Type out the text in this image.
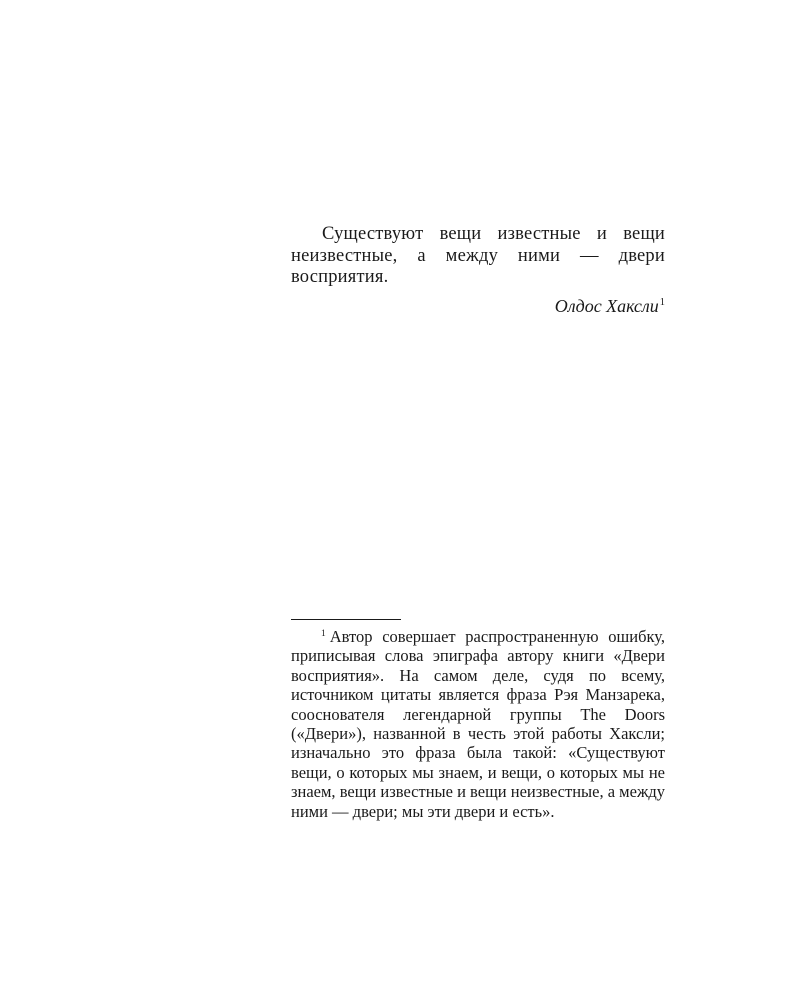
Существуют вещи известные и вещи неизвестные, а между ними — двери восприятия.

Олдос Хаксли$^1$

$^1$ Автор совершает распространенную ошибку, приписывая слова эпиграфа автору книги «Двери восприятия». На самом деле, судя по всему, источником цитаты является фраза Рэя Манзарека, сооснователя легендарной группы The Doors («Двери»), названной в честь этой работы Хаксли; изначально это фраза была такой: «Существуют вещи, о которых мы знаем, и вещи, о которых мы не знаем, вещи известные и вещи неизвестные, а между ними — двери; мы эти двери и есть».
